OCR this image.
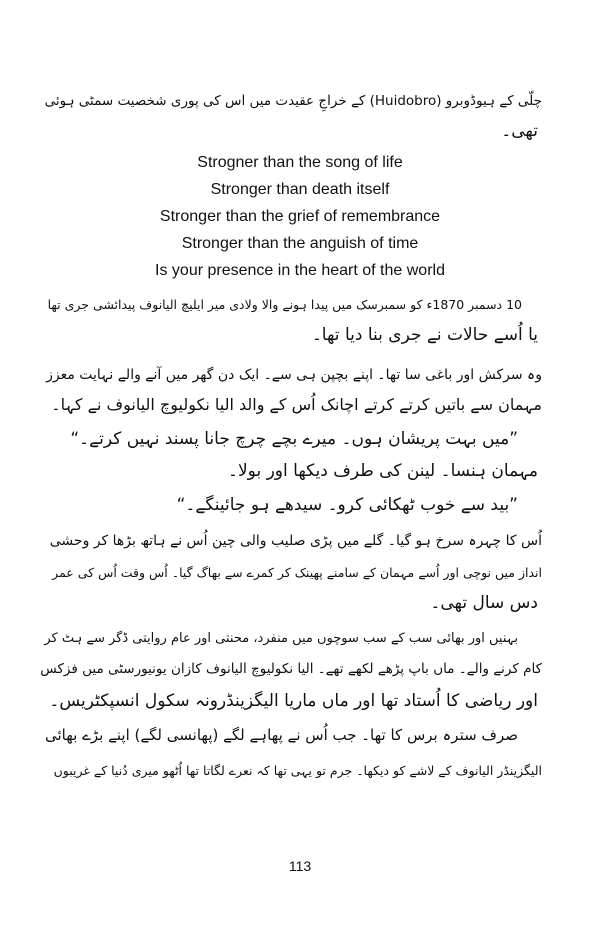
چلّی کے ہیوڈوبرو (Huidobro) کے خراجِ عقیدت میں اس کی پوری شخصیت سمٹی ہوئی
تھی۔
Strogner than the song of life
Stronger than death itself
Stronger than the grief of remembrance
Stronger than the anguish of time
Is your presence in the heart of the world
10 دسمبر 1870ء کو سمبرسک میں پیدا ہونے والا ولادی میر ایلیچ الیانوف پیدائشی جری تھا
یا اُسے حالات نے جری بنا دیا تھا۔
وہ سرکش اور باغی سا تھا۔ اپنے بچپن ہی سے۔ ایک دن گھر میں آنے والے نہایت معزز
مہمان سے باتیں کرتے کرتے اچانک اُس کے والد الیا نکولیوچ الیانوف نے کہا۔
”میں بہت پریشان ہوں۔ میرے بچے چرچ جانا پسند نہیں کرتے۔“
مہمان ہنسا۔ لینن کی طرف دیکھا اور بولا۔
”بید سے خوب ٹھکائی کرو۔ سیدھے ہو جائینگے۔“
اُس کا چہرہ سرخ ہو گیا۔ گلے میں پڑی صلیب والی چین اُس نے ہاتھ بڑھا کر وحشی
انداز میں نوچی اور اُسے مہمان کے سامنے پھینک کر کمرے سے بھاگ گیا۔ اُس وقت اُس کی عمر
دس سال تھی۔
بہنیں اور بھائی سب کے سب سوچوں میں منفرد، محنتی اور عام روایتی ڈگر سے ہٹ کر
کام کرنے والے۔ ماں باپ پڑھے لکھے تھے۔ الیا نکولیوچ الیانوف کازان یونیورسٹی میں فزکس
اور ریاضی کا اُستاد تھا اور ماں ماریا الیگزینڈرونہ سکول انسپکٹریس۔
صرف سترہ برس کا تھا۔ جب اُس نے پھاہے لگے (پھانسی لگے) اپنے بڑے بھائی
الیگزینڈر الیانوف کے لاشے کو دیکھا۔ جرم تو یہی تھا کہ نعرے لگاتا تھا اُٹھو میری دُنیا کے غریبوں
113
